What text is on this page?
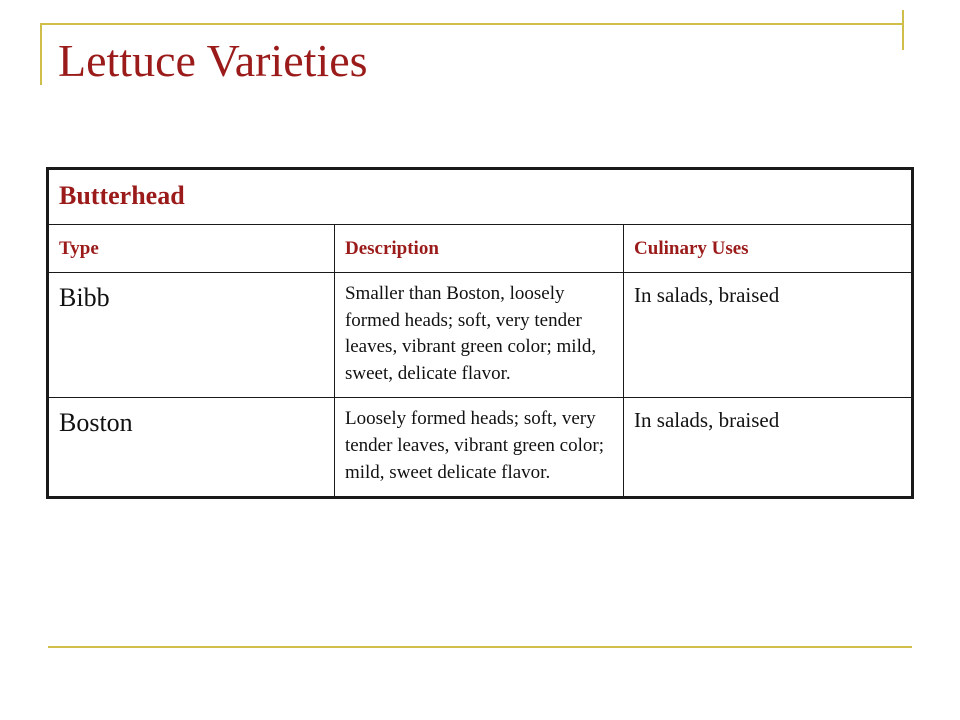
Lettuce Varieties
Butterhead		
Type	Description	Culinary Uses
Bibb	Smaller than Boston, loosely formed heads; soft, very tender leaves, vibrant green color; mild, sweet, delicate flavor.	In salads, braised
Boston	Loosely formed heads; soft, very tender leaves, vibrant green color; mild, sweet delicate flavor.	In salads, braised
